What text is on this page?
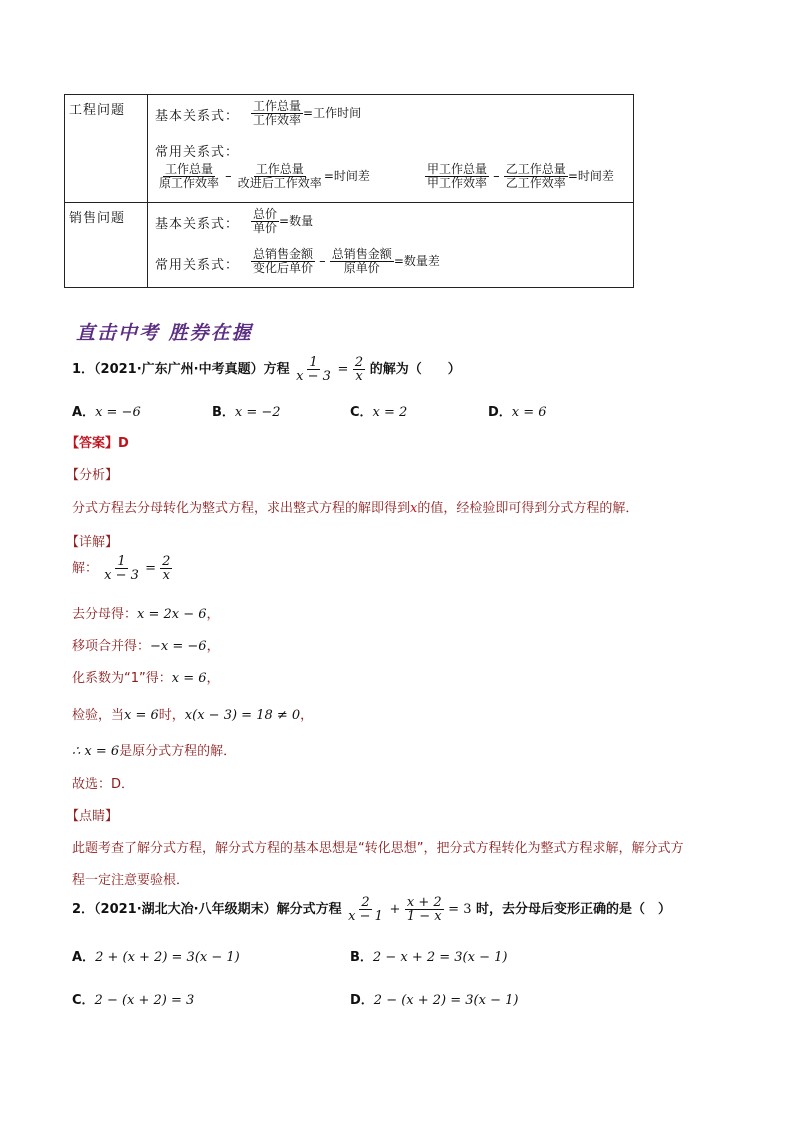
工程问题 基本关系式： $\frac{\text{工作总量}}{\text{工作效率}}$ =工作时间
常用关系式：
$\frac{\text{工作总量}}{\text{原工作效率}} - \frac{\text{工作总量}}{\text{改进后工作效率}}$ =时间差	$\frac{\text{甲工作总量}}{\text{甲工作效率}} - \frac{\text{乙工作总量}}{\text{乙工作效率}}$ =时间差
销售问题 基本关系式： $\frac{\text{总价}}{\text{单价}}$ =数量
常用关系式： $\frac{\text{总销售金额}}{\text{变化后单价}} - \frac{\text{总销售金额}}{\text{原单价}}$ =数量差
直击中考 胜券在握
1．（2021·广东广州·中考真题）方程 $\frac{1}{x - 3} = \frac{2}{x}$ 的解为（　　）
A．x = −6	B．x = −2	C．x = 2	D．x = 6
【答案】D
【分析】
分式方程去分母转化为整式方程，求出整式方程的解即得到x的值，经检验即可得到分式方程的解．
【详解】
解： $\frac{1}{x - 3} = \frac{2}{x}$
去分母得：x = 2x − 6，
移项合并得：−x = −6，
化系数为“1”得：x = 6，
检验，当x = 6时，x(x − 3) = 18 ≠ 0，
∴ x = 6是原分式方程的解．
故选：D．
【点睛】
此题考查了解分式方程，解分式方程的基本思想是“转化思想”，把分式方程转化为整式方程求解，解分式方
程一定注意要验根．
2．（2021·湖北大冶·八年级期末）解分式方程 $\frac{2}{x - 1} + \frac{x + 2}{1 - x} = 3$ 时，去分母后变形正确的是（　）
A．2 + (x + 2) = 3(x − 1)	B．2 − x + 2 = 3(x − 1)
C．2 − (x + 2) = 3	D．2 − (x + 2) = 3(x − 1)
